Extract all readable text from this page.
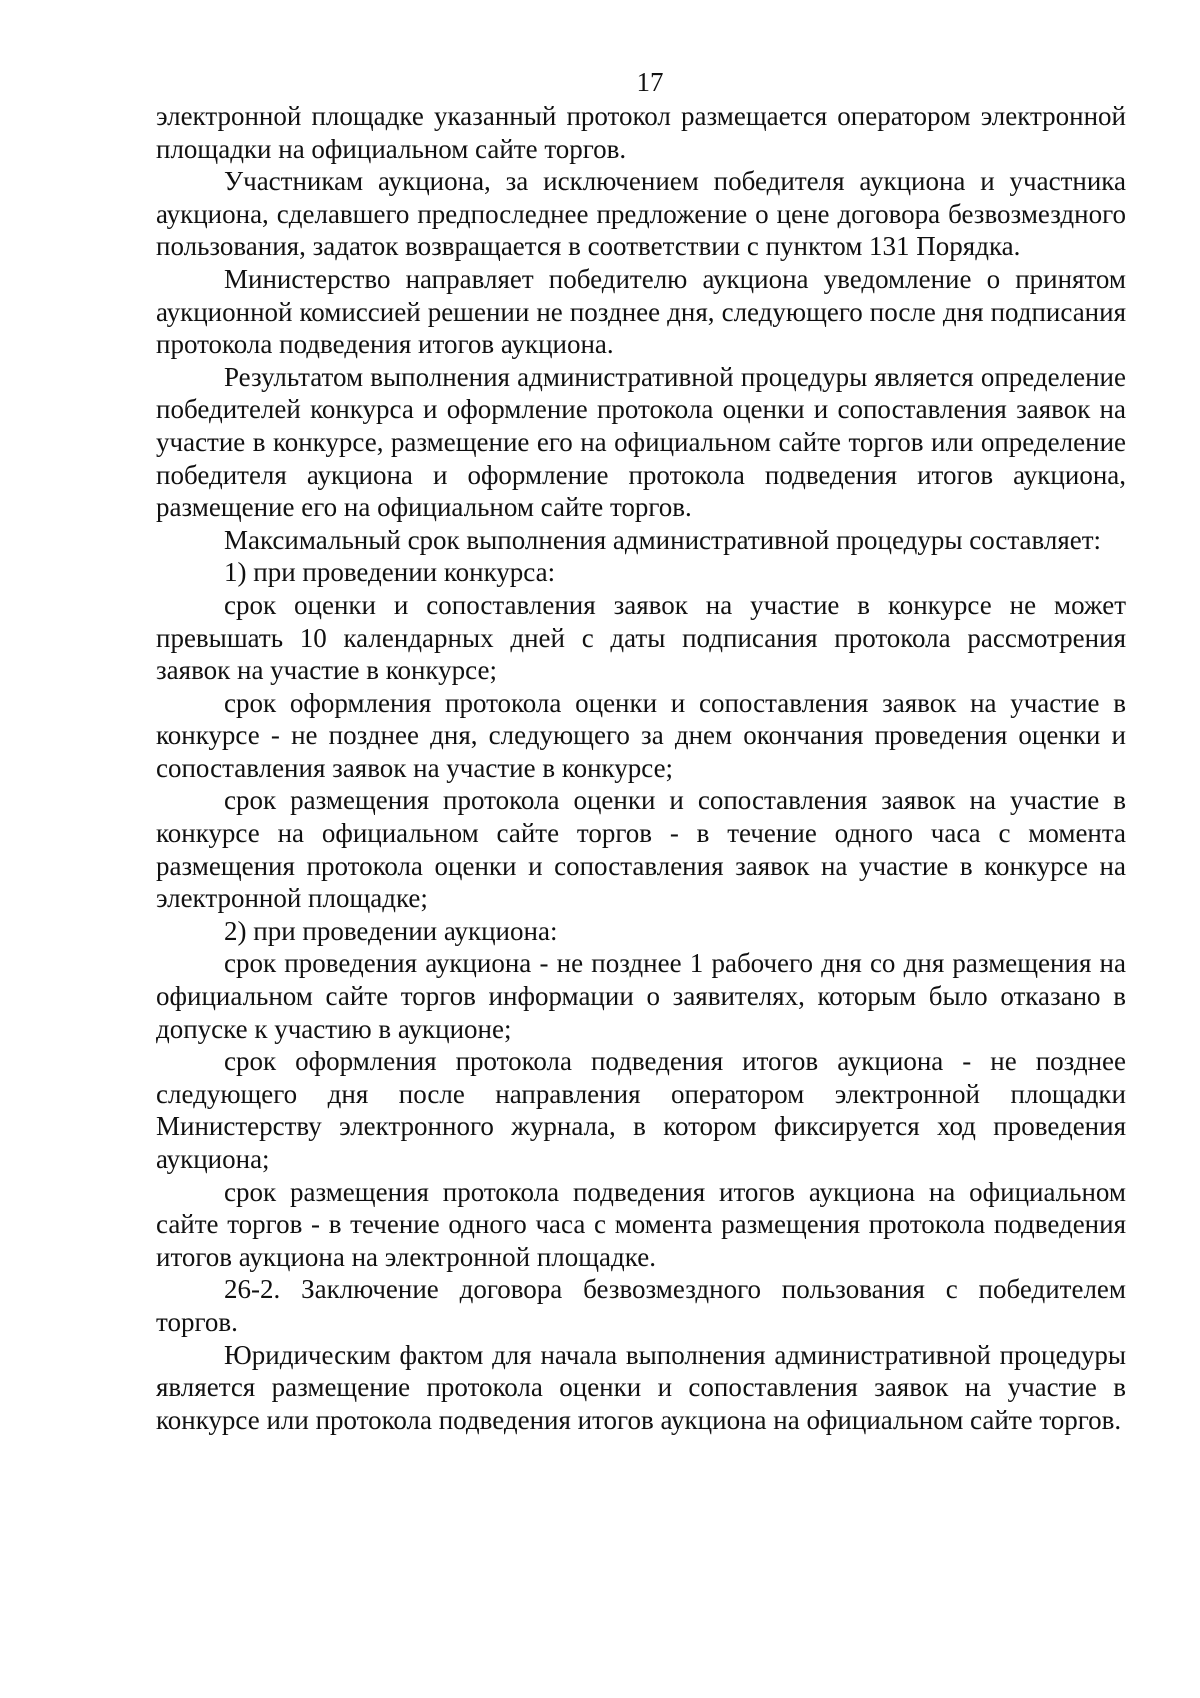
17

электронной площадке указанный протокол размещается оператором электронной площадки на официальном сайте торгов.

Участникам аукциона, за исключением победителя аукциона и участника аукциона, сделавшего предпоследнее предложение о цене договора безвозмездного пользования, задаток возвращается в соответствии с пунктом 131 Порядка.

Министерство направляет победителю аукциона уведомление о принятом аукционной комиссией решении не позднее дня, следующего после дня подписания протокола подведения итогов аукциона.

Результатом выполнения административной процедуры является определение победителей конкурса и оформление протокола оценки и сопоставления заявок на участие в конкурсе, размещение его на официальном сайте торгов или определение победителя аукциона и оформление протокола подведения итогов аукциона, размещение его на официальном сайте торгов.

Максимальный срок выполнения административной процедуры составляет:

1) при проведении конкурса:

срок оценки и сопоставления заявок на участие в конкурсе не может превышать 10 календарных дней с даты подписания протокола рассмотрения заявок на участие в конкурсе;

срок оформления протокола оценки и сопоставления заявок на участие в конкурсе - не позднее дня, следующего за днем окончания проведения оценки и сопоставления заявок на участие в конкурсе;

срок размещения протокола оценки и сопоставления заявок на участие в конкурсе на официальном сайте торгов - в течение одного часа с момента размещения протокола оценки и сопоставления заявок на участие в конкурсе на электронной площадке;

2) при проведении аукциона:

срок проведения аукциона - не позднее 1 рабочего дня со дня размещения на официальном сайте торгов информации о заявителях, которым было отказано в допуске к участию в аукционе;

срок оформления протокола подведения итогов аукциона - не позднее следующего дня после направления оператором электронной площадки Министерству электронного журнала, в котором фиксируется ход проведения аукциона;

срок размещения протокола подведения итогов аукциона на официальном сайте торгов - в течение одного часа с момента размещения протокола подведения итогов аукциона на электронной площадке.

26-2. Заключение договора безвозмездного пользования с победителем торгов.

Юридическим фактом для начала выполнения административной процедуры является размещение протокола оценки и сопоставления заявок на участие в конкурсе или протокола подведения итогов аукциона на официальном сайте торгов.
